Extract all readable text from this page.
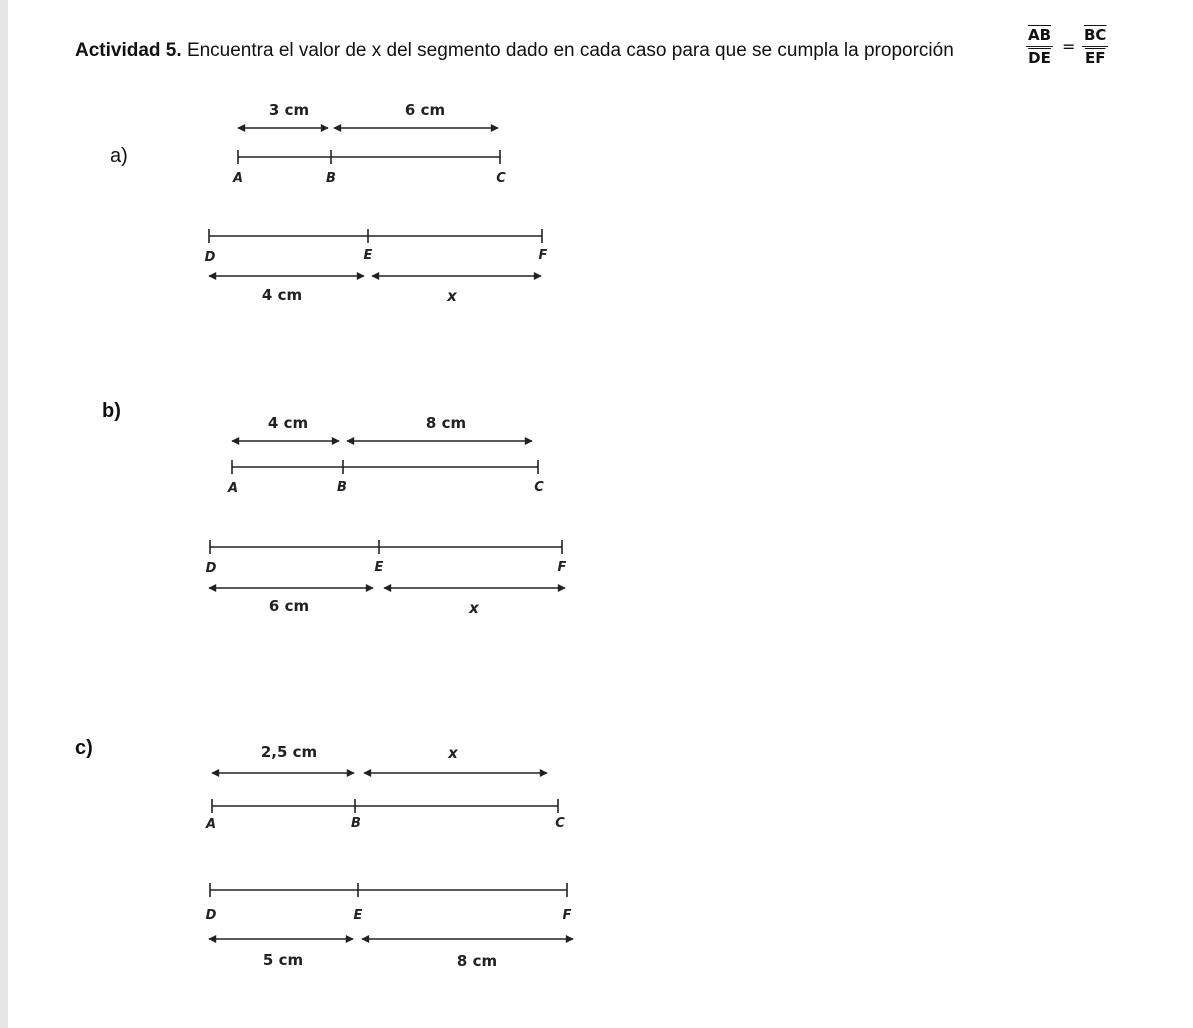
Actividad 5. Encuentra el valor de x del segmento dado en cada caso para que se cumpla la proporción	$\frac{\overline{AB}}{DE} = \frac{\overline{BC}}{EF}$
a)
b)
c)
3 cm	6 cm
A	B	C
D	E	F
4 cm	x
4 cm	8 cm
A	B	C
D	E	F
6 cm	x
2,5 cm	x
A	B	C
D	E	F
5 cm	8 cm
